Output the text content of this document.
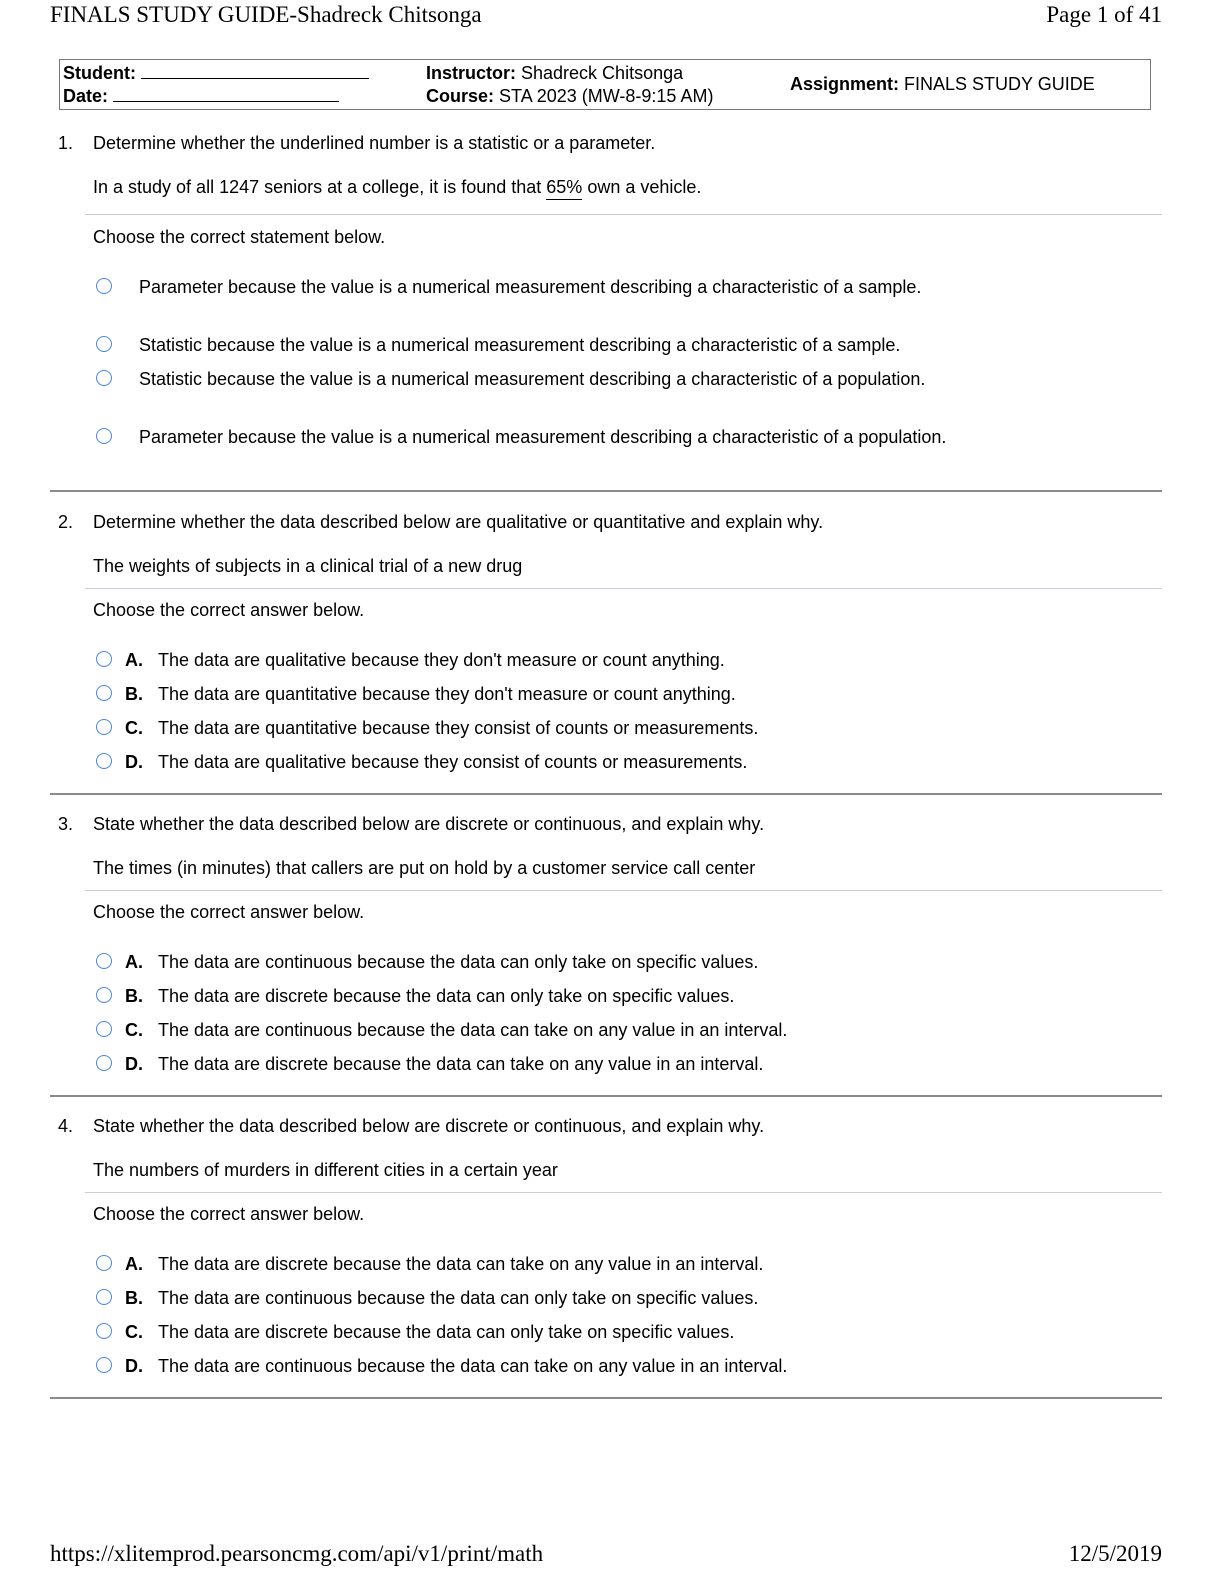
FINALS STUDY GUIDE-Shadreck Chitsonga	Page 1 of 41
Student:
Date:
Instructor: Shadreck Chitsonga
Course: STA 2023 (MW-8-9:15 AM)
Assignment: FINALS STUDY GUIDE
1. Determine whether the underlined number is a statistic or a parameter.
In a study of all 1247 seniors at a college, it is found that 65% own a vehicle.
Choose the correct statement below.
Parameter because the value is a numerical measurement describing a characteristic of a sample.
Statistic because the value is a numerical measurement describing a characteristic of a sample.
Statistic because the value is a numerical measurement describing a characteristic of a population.
Parameter because the value is a numerical measurement describing a characteristic of a population.
2. Determine whether the data described below are qualitative or quantitative and explain why.
The weights of subjects in a clinical trial of a new drug
Choose the correct answer below.
A. The data are qualitative because they don't measure or count anything.
B. The data are quantitative because they don't measure or count anything.
C. The data are quantitative because they consist of counts or measurements.
D. The data are qualitative because they consist of counts or measurements.
3. State whether the data described below are discrete or continuous, and explain why.
The times (in minutes) that callers are put on hold by a customer service call center
Choose the correct answer below.
A. The data are continuous because the data can only take on specific values.
B. The data are discrete because the data can only take on specific values.
C. The data are continuous because the data can take on any value in an interval.
D. The data are discrete because the data can take on any value in an interval.
4. State whether the data described below are discrete or continuous, and explain why.
The numbers of murders in different cities in a certain year
Choose the correct answer below.
A. The data are discrete because the data can take on any value in an interval.
B. The data are continuous because the data can only take on specific values.
C. The data are discrete because the data can only take on specific values.
D. The data are continuous because the data can take on any value in an interval.
https://xlitemprod.pearsoncmg.com/api/v1/print/math	12/5/2019
